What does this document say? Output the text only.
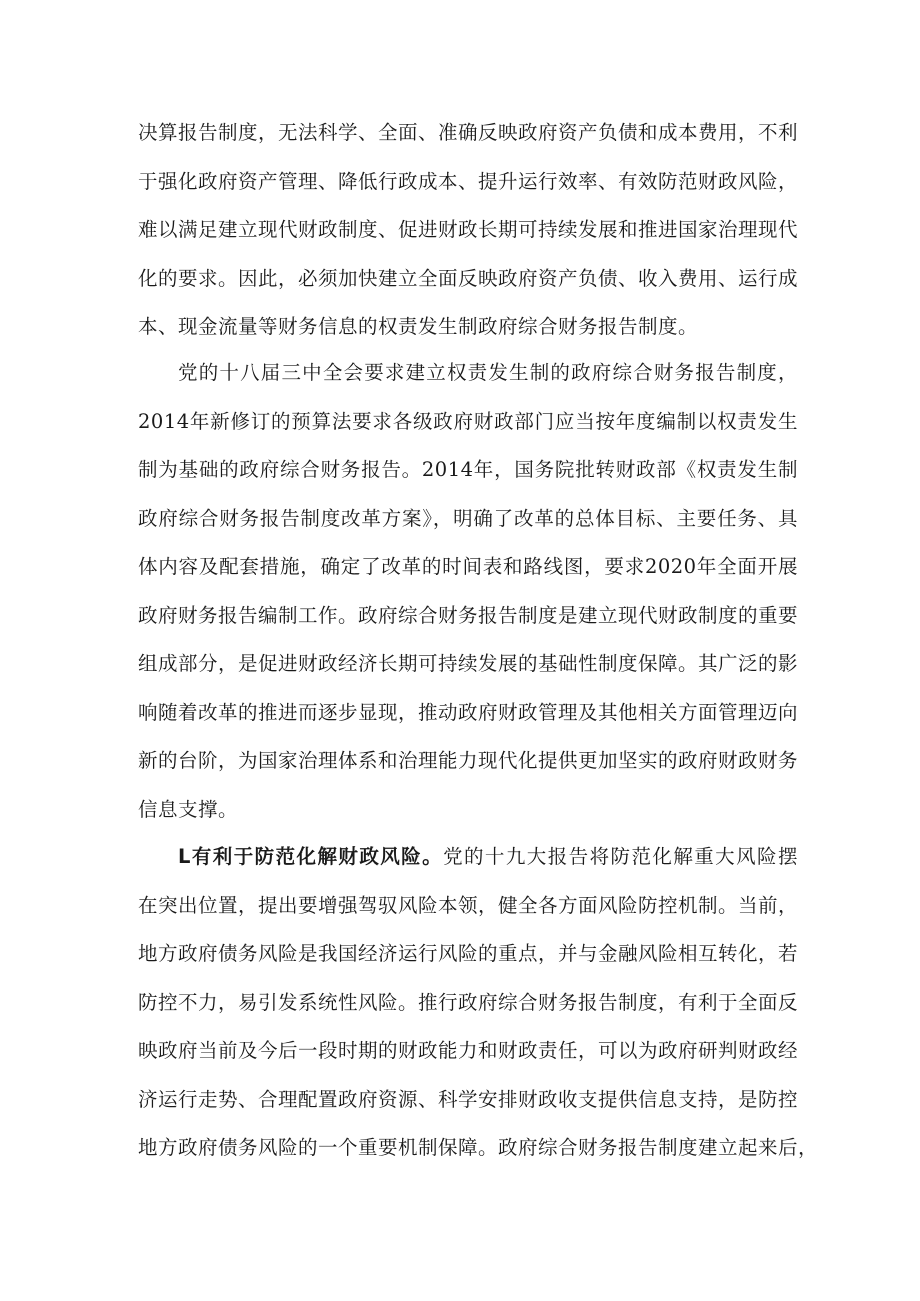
决算报告制度，无法科学、全面、准确反映政府资产负债和成本费用，不利
于强化政府资产管理、降低行政成本、提升运行效率、有效防范财政风险，
难以满足建立现代财政制度、促进财政长期可持续发展和推进国家治理现代
化的要求。因此，必须加快建立全面反映政府资产负债、收入费用、运行成
本、现金流量等财务信息的权责发生制政府综合财务报告制度。
党的十八届三中全会要求建立权责发生制的政府综合财务报告制度，
2014年新修订的预算法要求各级政府财政部门应当按年度编制以权责发生
制为基础的政府综合财务报告。2014年，国务院批转财政部《权责发生制
政府综合财务报告制度改革方案》，明确了改革的总体目标、主要任务、具
体内容及配套措施，确定了改革的时间表和路线图，要求2020年全面开展
政府财务报告编制工作。政府综合财务报告制度是建立现代财政制度的重要
组成部分，是促进财政经济长期可持续发展的基础性制度保障。其广泛的影
响随着改革的推进而逐步显现，推动政府财政管理及其他相关方面管理迈向
新的台阶，为国家治理体系和治理能力现代化提供更加坚实的政府财政财务
信息支撑。
L有利于防范化解财政风险。党的十九大报告将防范化解重大风险摆
在突出位置，提出要增强驾驭风险本领，健全各方面风险防控机制。当前，
地方政府债务风险是我国经济运行风险的重点，并与金融风险相互转化，若
防控不力，易引发系统性风险。推行政府综合财务报告制度，有利于全面反
映政府当前及今后一段时期的财政能力和财政责任，可以为政府研判财政经
济运行走势、合理配置政府资源、科学安排财政收支提供信息支持，是防控
地方政府债务风险的一个重要机制保障。政府综合财务报告制度建立起来后，
